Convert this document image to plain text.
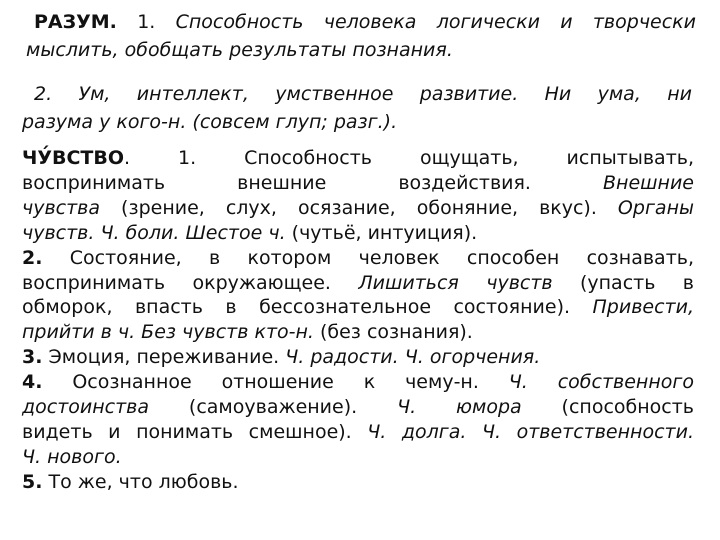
РАЗУМ. 1. Способность человека логически и творчески
мыслить, обобщать результаты познания.
2. Ум, интеллект, умственное развитие. Ни ума, ни
разума у кого-н. (совсем глуп; разг.).
ЧУ́ВСТВО. 1. Способность ощущать, испытывать,
воспринимать внешние воздействия. Внешние
чувства (зрение, слух, осязание, обоняние, вкус). Органы
чувств. Ч. боли. Шестое ч. (чутьё, интуиция).
2. Состояние, в котором человек способен сознавать,
воспринимать окружающее. Лишиться чувств (упасть в
обморок, впасть в бессознательное состояние). Привести,
прийти в ч. Без чувств кто-н. (без сознания).
3. Эмоция, переживание. Ч. радости. Ч. огорчения.
4. Осознанное отношение к чему-н. Ч. собственного
достоинства (самоуважение). Ч. юмора (способность
видеть и понимать смешное). Ч. долга. Ч. ответственности.
Ч. нового.
5. То же, что любовь.
